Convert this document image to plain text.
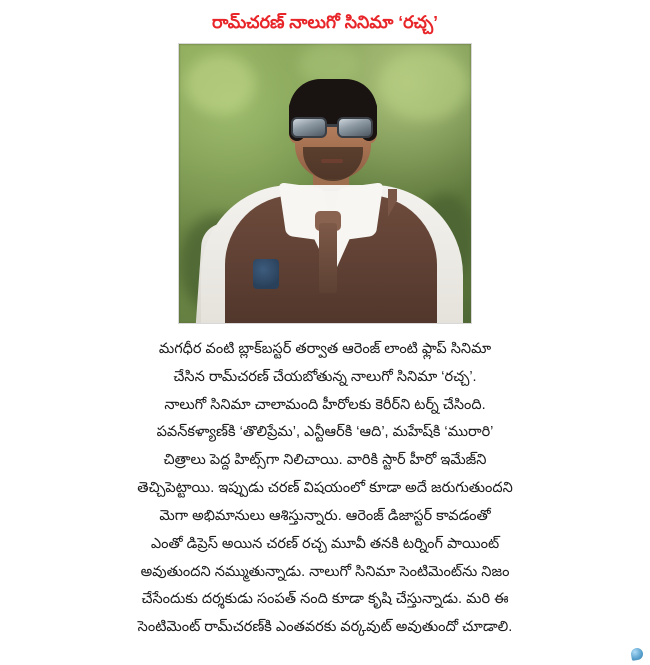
రామ్‌చరణ్ నాలుగో సినిమా ‘రచ్చ’
మగధీర వంటి బ్లాక్‌బస్టర్ తర్వాత ఆరెంజ్ లాంటి ఫ్లాప్ సినిమా
చేసిన రామ్‌చరణ్ చేయబోతున్న నాలుగో సినిమా ‘రచ్చ’.
నాలుగో సినిమా చాలామంది హీరోలకు కెరీర్‌ని టర్న్ చేసింది.
పవన్‌కళ్యాణ్‌కి ‘తొలిప్రేమ’, ఎన్టీఆర్‌కి ‘ఆది’, మహేష్‌కి ‘మురారి’
చిత్రాలు పెద్ద హిట్స్‌గా నిలిచాయి. వారికి స్టార్ హీరో ఇమేజ్‌ని
తెచ్చిపెట్టాయి. ఇప్పుడు చరణ్ విషయంలో కూడా అదే జరుగుతుందని
మెగా అభిమానులు ఆశిస్తున్నారు. ఆరెంజ్ డిజాస్టర్ కావడంతో
ఎంతో డిప్రెస్ అయిన చరణ్ రచ్చ మూవీ తనకి టర్నింగ్ పాయింట్
అవుతుందని నమ్ముతున్నాడు. నాలుగో సినిమా సెంటిమెంట్‌ను నిజం
చేసేందుకు దర్శకుడు సంపత్ నంది కూడా కృషి చేస్తున్నాడు. మరి ఈ
సెంటిమెంట్ రామ్‌చరణ్‌కి ఎంతవరకు వర్కవుట్ అవుతుందో చూడాలి.
